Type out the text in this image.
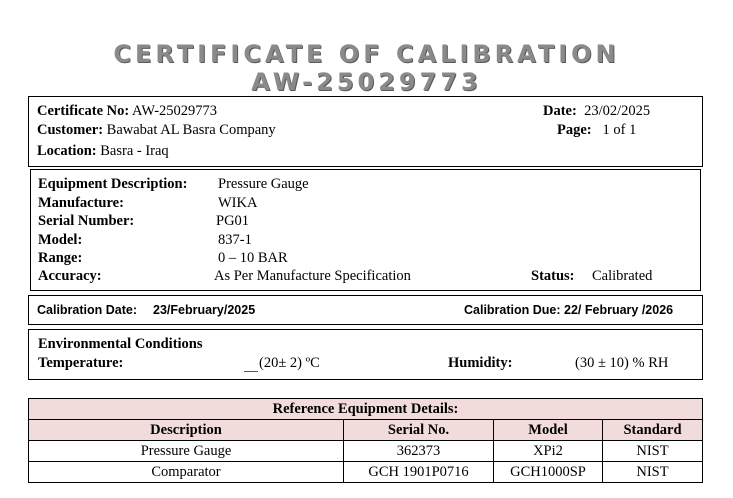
CERTIFICATE OF CALIBRATION
AW-25029773
Certificate No: AW-25029773
Customer: Bawabat AL Basra Company
Location: Basra - Iraq
Date: 23/02/2025
Page: 1 of 1
Equipment Description: Pressure Gauge
Manufacture:	WIKA
Serial Number:	PG01
Model:	837-1
Range:	0 – 10 BAR
Accuracy:	As Per Manufacture Specification	Status: Calibrated
Calibration Date: 23/February/2025	Calibration Due: 22/ February /2026
Environmental Conditions
Temperature:	(20± 2) ºC	Humidity:	(30 ± 10) % RH
Reference Equipment Details:			
Description	Serial No.	Model	Standard
Pressure Gauge	362373	XPi2	NIST
Comparator	GCH 1901P0716	GCH1000SP	NIST
